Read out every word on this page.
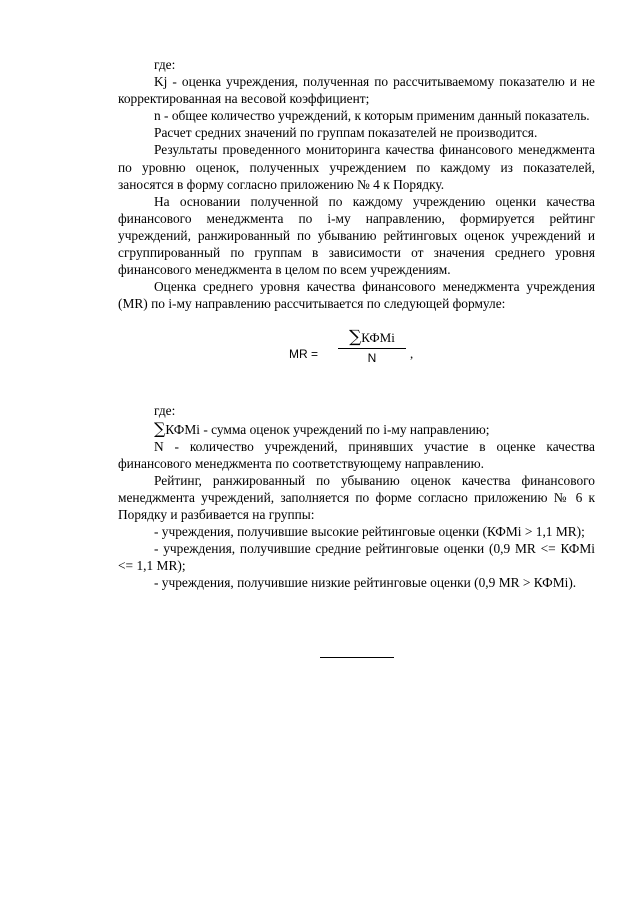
где:

Kj - оценка учреждения, полученная по рассчитываемому показателю и не корректированная на весовой коэффициент;

n - общее количество учреждений, к которым применим данный показатель.

Расчет средних значений по группам показателей не производится.

Результаты проведенного мониторинга качества финансового менеджмента по уровню оценок, полученных учреждением по каждому из показателей, заносятся в форму согласно приложению № 4 к Порядку.

На основании полученной по каждому учреждению оценки качества финансового менеджмента по i-му направлению, формируется рейтинг учреждений, ранжированный по убыванию рейтинговых оценок учреждений и сгруппированный по группам в зависимости от значения среднего уровня финансового менеджмента в целом по всем учреждениям.

Оценка среднего уровня качества финансового менеджмента учреждения (MR) по i-му направлению рассчитывается по следующей формуле:

MR =
∑КФMi
N	,

где:

∑КФMi - сумма оценок учреждений по i-му направлению;

N - количество учреждений, принявших участие в оценке качества финансового менеджмента по соответствующему направлению.

Рейтинг, ранжированный по убыванию оценок качества финансового менеджмента учреждений, заполняется по форме согласно приложению № 6 к Порядку и разбивается на группы:

- учреждения, получившие высокие рейтинговые оценки (КФMi > 1,1 MR);

- учреждения, получившие средние рейтинговые оценки (0,9 MR <= КФMi <= 1,1 MR);

- учреждения, получившие низкие рейтинговые оценки (0,9 MR > КФMi).
